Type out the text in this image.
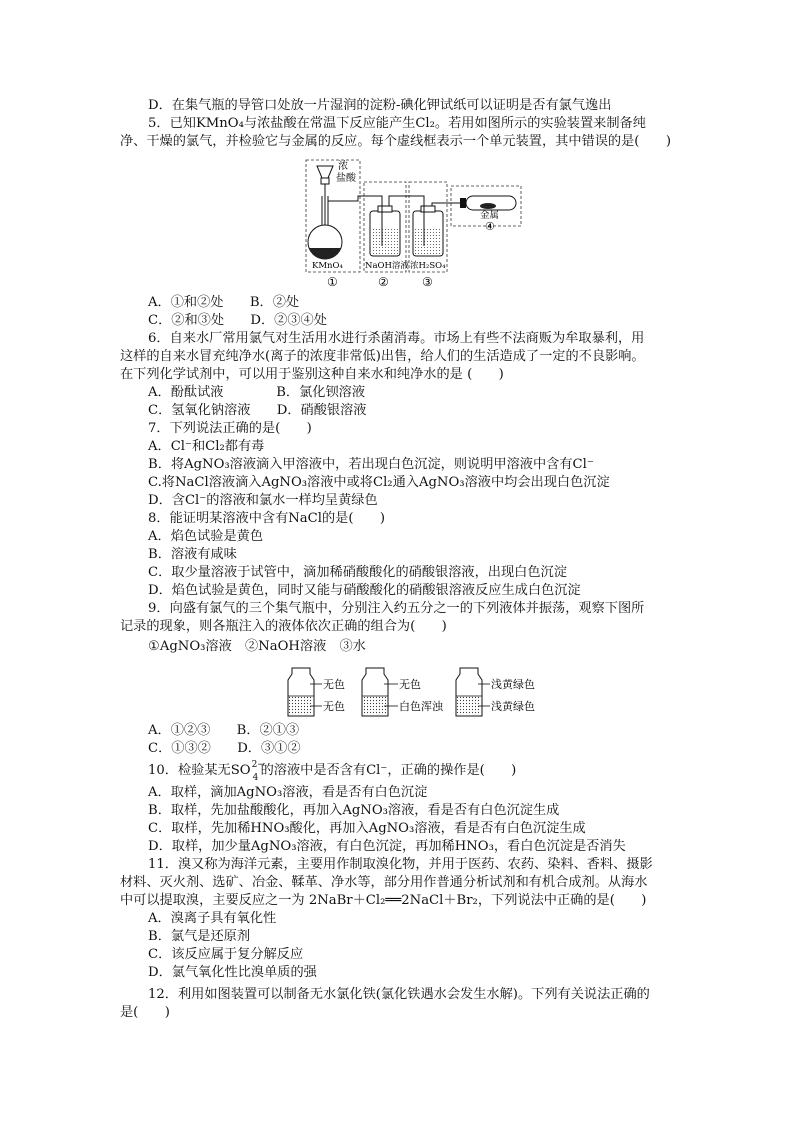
D．在集气瓶的导管口处放一片湿润的淀粉-碘化钾试纸可以证明是否有氯气逸出
5．已知KMnO₄与浓盐酸在常温下反应能产生Cl₂。若用如图所示的实验装置来制备纯
净、干燥的氯气，并检验它与金属的反应。每个虚线框表示一个单元装置，其中错误的是(　　)
浓
盐酸
KMnO₄	NaOH溶液 浓H₂SO₄
金属
④
①	②	③
A．①和②处　　B．②处
C．②和③处　　D．②③④处
6．自来水厂常用氯气对生活用水进行杀菌消毒。市场上有些不法商贩为牟取暴利，用
这样的自来水冒充纯净水(离子的浓度非常低)出售，给人们的生活造成了一定的不良影响。
在下列化学试剂中，可以用于鉴别这种自来水和纯净水的是 (　　)
A．酚酞试液　　　　B．氯化钡溶液
C．氢氧化钠溶液　　D．硝酸银溶液
7．下列说法正确的是(　　)
A．Cl⁻和Cl₂都有毒
B．将AgNO₃溶液滴入甲溶液中，若出现白色沉淀，则说明甲溶液中含有Cl⁻
C.将NaCl溶液滴入AgNO₃溶液中或将Cl₂通入AgNO₃溶液中均会出现白色沉淀
D．含Cl⁻的溶液和氯水一样均呈黄绿色
8．能证明某溶液中含有NaCl的是(　　)
A．焰色试验是黄色
B．溶液有咸味
C．取少量溶液于试管中，滴加稀硝酸酸化的硝酸银溶液，出现白色沉淀
D．焰色试验是黄色，同时又能与硝酸酸化的硝酸银溶液反应生成白色沉淀
9．向盛有氯气的三个集气瓶中，分别注入约五分之一的下列液体并振荡，观察下图所
记录的现象，则各瓶注入的液体依次正确的组合为(　　)
①AgNO₃溶液　②NaOH溶液　③水
无色
无色
无色
白色浑浊
浅黄绿色
浅黄绿色
A．①②③　　B．②①③
C．①③②　　D．③①②
10．检验某无SO 2−
4 的溶液中是否含有Cl⁻，正确的操作是(　　)
A．取样，滴加AgNO₃溶液，看是否有白色沉淀
B．取样，先加盐酸酸化，再加入AgNO₃溶液，看是否有白色沉淀生成
C．取样，先加稀HNO₃酸化，再加入AgNO₃溶液，看是否有白色沉淀生成
D．取样，加少量AgNO₃溶液，有白色沉淀，再加稀HNO₃，看白色沉淀是否消失
11．溴又称为海洋元素，主要用作制取溴化物，并用于医药、农药、染料、香料、摄影
材料、灭火剂、选矿、冶金、鞣革、净水等，部分用作普通分析试剂和有机合成剂。从海水
中可以提取溴，主要反应之一为 2NaBr＋Cl₂══2NaCl＋Br₂，下列说法中正确的是(　　)
A．溴离子具有氧化性
B．氯气是还原剂
C．该反应属于复分解反应
D．氯气氧化性比溴单质的强
12．利用如图装置可以制备无水氯化铁(氯化铁遇水会发生水解)。下列有关说法正确的
是(　　)
